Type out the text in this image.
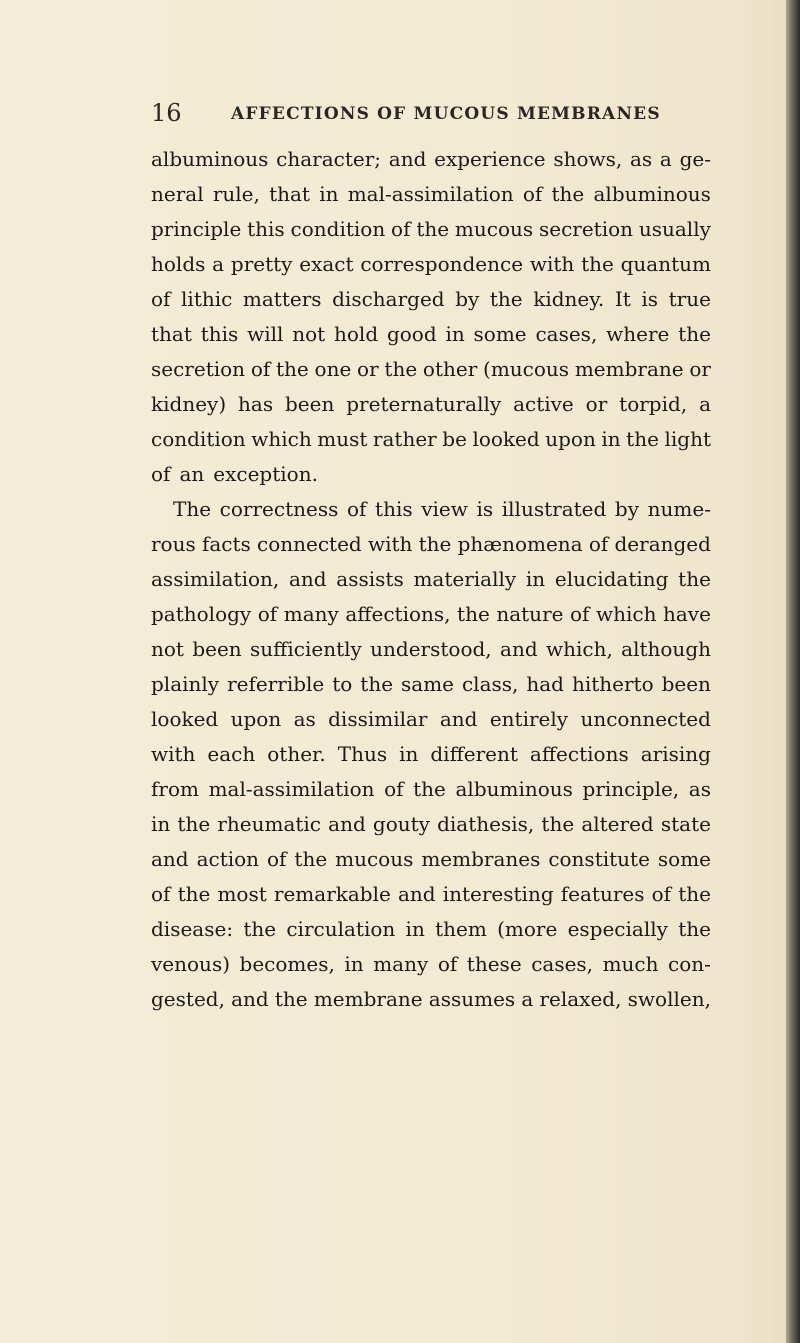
16	AFFECTIONS OF MUCOUS MEMBRANES
albuminous character; and experience shows, as a ge-
neral rule, that in mal-assimilation of the albuminous
principle this condition of the mucous secretion usually
holds a pretty exact correspondence with the quantum
of lithic matters discharged by the kidney. It is true
that this will not hold good in some cases, where the
secretion of the one or the other (mucous membrane or
kidney) has been preternaturally active or torpid, a
condition which must rather be looked upon in the light
of an exception.
The correctness of this view is illustrated by nume-
rous facts connected with the phænomena of deranged
assimilation, and assists materially in elucidating the
pathology of many affections, the nature of which have
not been sufficiently understood, and which, although
plainly referrible to the same class, had hitherto been
looked upon as dissimilar and entirely unconnected
with each other. Thus in different affections arising
from mal-assimilation of the albuminous principle, as
in the rheumatic and gouty diathesis, the altered state
and action of the mucous membranes constitute some
of the most remarkable and interesting features of the
disease: the circulation in them (more especially the
venous) becomes, in many of these cases, much con-
gested, and the membrane assumes a relaxed, swollen,
